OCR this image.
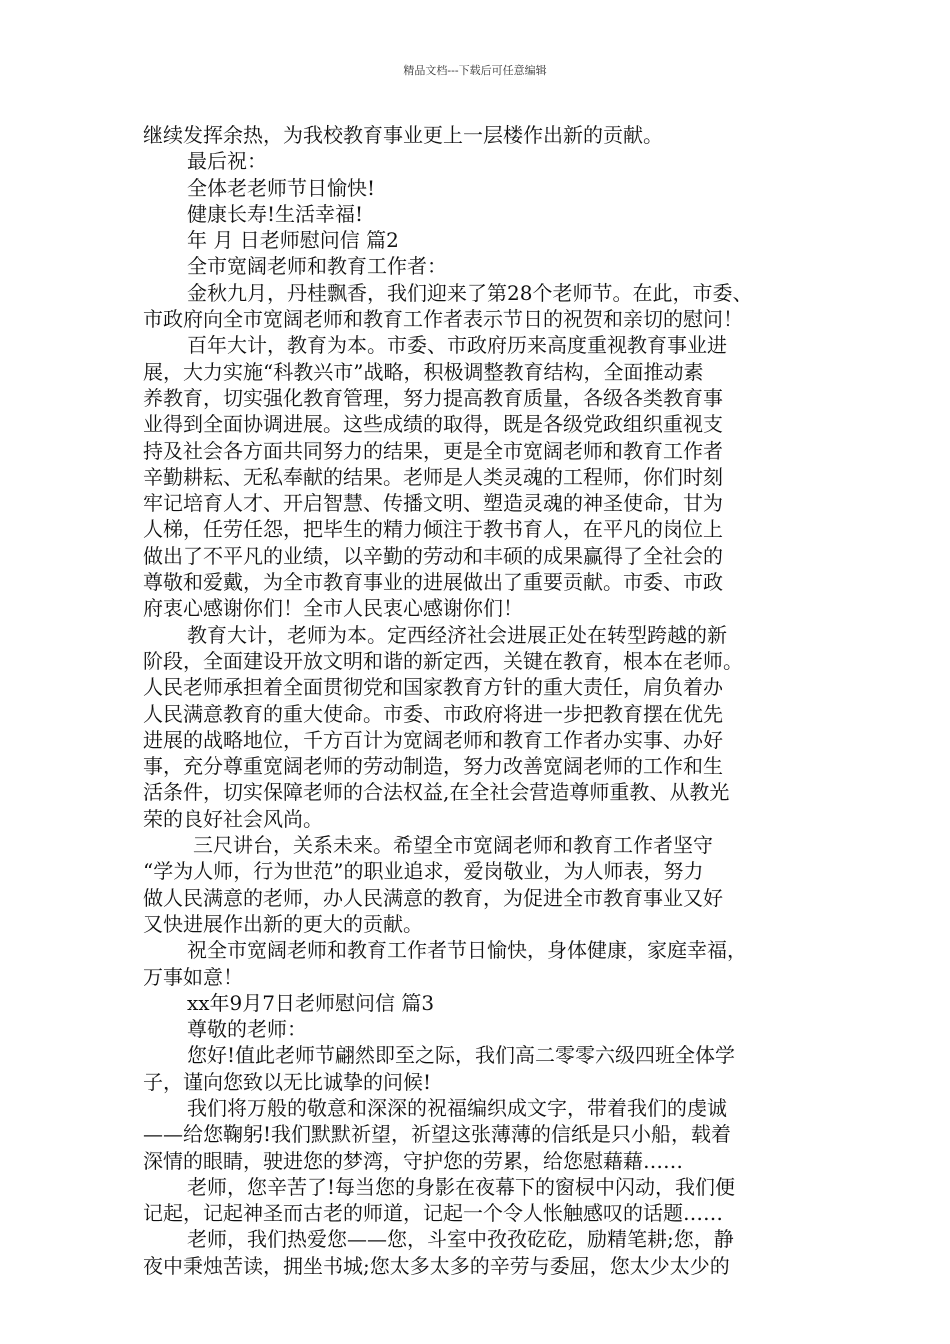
精品文档---下载后可任意编辑
继续发挥余热，为我校教育事业更上一层楼作出新的贡献。
最后祝：
全体老老师节日愉快!
健康长寿!生活幸福!
年 月 日老师慰问信 篇2
全市宽阔老师和教育工作者：
金秋九月，丹桂飘香，我们迎来了第28个老师节。在此，市委、
市政府向全市宽阔老师和教育工作者表示节日的祝贺和亲切的慰问！
百年大计，教育为本。市委、市政府历来高度重视教育事业进
展，大力实施“科教兴市”战略，积极调整教育结构，全面推动素
养教育，切实强化教育管理，努力提高教育质量，各级各类教育事
业得到全面协调进展。这些成绩的取得，既是各级党政组织重视支
持及社会各方面共同努力的结果，更是全市宽阔老师和教育工作者
辛勤耕耘、无私奉献的结果。老师是人类灵魂的工程师，你们时刻
牢记培育人才、开启智慧、传播文明、塑造灵魂的神圣使命，甘为
人梯，任劳任怨，把毕生的精力倾注于教书育人，在平凡的岗位上
做出了不平凡的业绩，以辛勤的劳动和丰硕的成果赢得了全社会的
尊敬和爱戴，为全市教育事业的进展做出了重要贡献。市委、市政
府衷心感谢你们！全市人民衷心感谢你们！
教育大计，老师为本。定西经济社会进展正处在转型跨越的新
阶段，全面建设开放文明和谐的新定西，关键在教育，根本在老师。
人民老师承担着全面贯彻党和国家教育方针的重大责任，肩负着办
人民满意教育的重大使命。市委、市政府将进一步把教育摆在优先
进展的战略地位，千方百计为宽阔老师和教育工作者办实事、办好
事，充分尊重宽阔老师的劳动制造，努力改善宽阔老师的工作和生
活条件，切实保障老师的合法权益,在全社会营造尊师重教、从教光
荣的良好社会风尚。
三尺讲台，关系未来。希望全市宽阔老师和教育工作者坚守
“学为人师，行为世范”的职业追求，爱岗敬业，为人师表，努力
做人民满意的老师，办人民满意的教育，为促进全市教育事业又好
又快进展作出新的更大的贡献。
祝全市宽阔老师和教育工作者节日愉快，身体健康，家庭幸福，
万事如意！
xx年9月7日老师慰问信 篇3
尊敬的老师：
您好!值此老师节翩然即至之际，我们高二零零六级四班全体学
子，谨向您致以无比诚挚的问候!
我们将万般的敬意和深深的祝福编织成文字，带着我们的虔诚
——给您鞠躬!我们默默祈望，祈望这张薄薄的信纸是只小船，载着
深情的眼睛，驶进您的梦湾，守护您的劳累，给您慰藉藉……
老师，您辛苦了!每当您的身影在夜幕下的窗棂中闪动，我们便
记起，记起神圣而古老的师道，记起一个令人怅触感叹的话题……
老师，我们热爱您——您，斗室中孜孜矻矻，励精笔耕;您，静
夜中秉烛苦读，拥坐书城;您太多太多的辛劳与委屈，您太少太少的
